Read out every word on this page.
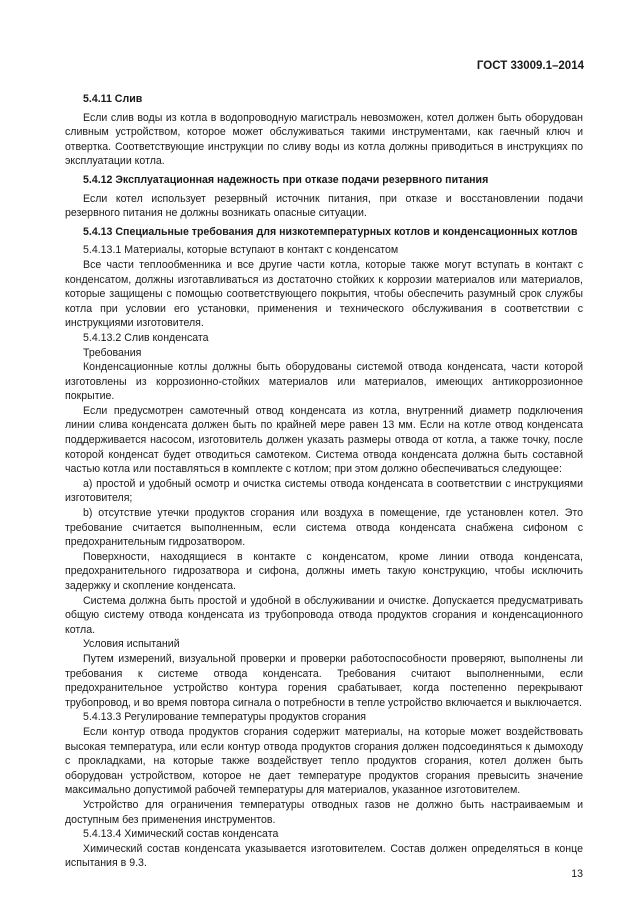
ГОСТ 33009.1–2014
5.4.11 Слив

Если слив воды из котла в водопроводную магистраль невозможен, котел должен быть оборудован сливным устройством, которое может обслуживаться такими инструментами, как гаечный ключ и отвертка. Соответствующие инструкции по сливу воды из котла должны приводиться в инструкциях по эксплуатации котла.

5.4.12 Эксплуатационная надежность при отказе подачи резервного питания

Если котел использует резервный источник питания, при отказе и восстановлении подачи резервного питания не должны возникать опасные ситуации.

5.4.13 Специальные требования для низкотемпературных котлов и конденсационных котлов

5.4.13.1 Материалы, которые вступают в контакт с конденсатом

Все части теплообменника и все другие части котла, которые также могут вступать в контакт с конденсатом, должны изготавливаться из достаточно стойких к коррозии материалов или материалов, которые защищены с помощью соответствующего покрытия, чтобы обеспечить разумный срок службы котла при условии его установки, применения и технического обслуживания в соответствии с инструкциями изготовителя.

5.4.13.2 Слив конденсата

Требования

Конденсационные котлы должны быть оборудованы системой отвода конденсата, части которой изготовлены из коррозионно-стойких материалов или материалов, имеющих антикоррозионное покрытие.

Если предусмотрен самотечный отвод конденсата из котла, внутренний диаметр подключения линии слива конденсата должен быть по крайней мере равен 13 мм. Если на котле отвод конденсата поддерживается насосом, изготовитель должен указать размеры отвода от котла, а также точку, после которой конденсат будет отводиться самотеком. Система отвода конденсата должна быть составной частью котла или поставляться в комплекте с котлом; при этом должно обеспечиваться следующее:

a) простой и удобный осмотр и очистка системы отвода конденсата в соответствии с инструкциями изготовителя;

b) отсутствие утечки продуктов сгорания или воздуха в помещение, где установлен котел. Это требование считается выполненным, если система отвода конденсата снабжена сифоном с предохранительным гидрозатвором.

Поверхности, находящиеся в контакте с конденсатом, кроме линии отвода конденсата, предохранительного гидрозатвора и сифона, должны иметь такую конструкцию, чтобы исключить задержку и скопление конденсата.

Система должна быть простой и удобной в обслуживании и очистке. Допускается предусматривать общую систему отвода конденсата из трубопровода отвода продуктов сгорания и конденсационного котла.

Условия испытаний

Путем измерений, визуальной проверки и проверки работоспособности проверяют, выполнены ли требования к системе отвода конденсата. Требования считают выполненными, если предохранительное устройство контура горения срабатывает, когда постепенно перекрывают трубопровод, и во время повтора сигнала о потребности в тепле устройство включается и выключается.

5.4.13.3 Регулирование температуры продуктов сгорания

Если контур отвода продуктов сгорания содержит материалы, на которые может воздействовать высокая температура, или если контур отвода продуктов сгорания должен подсоединяться к дымоходу с прокладками, на которые также воздействует тепло продуктов сгорания, котел должен быть оборудован устройством, которое не дает температуре продуктов сгорания превысить значение максимально допустимой рабочей температуры для материалов, указанное изготовителем.

Устройство для ограничения температуры отводных газов не должно быть настраиваемым и доступным без применения инструментов.

5.4.13.4 Химический состав конденсата

Химический состав конденсата указывается изготовителем. Состав должен определяться в конце испытания в 9.3.

13
